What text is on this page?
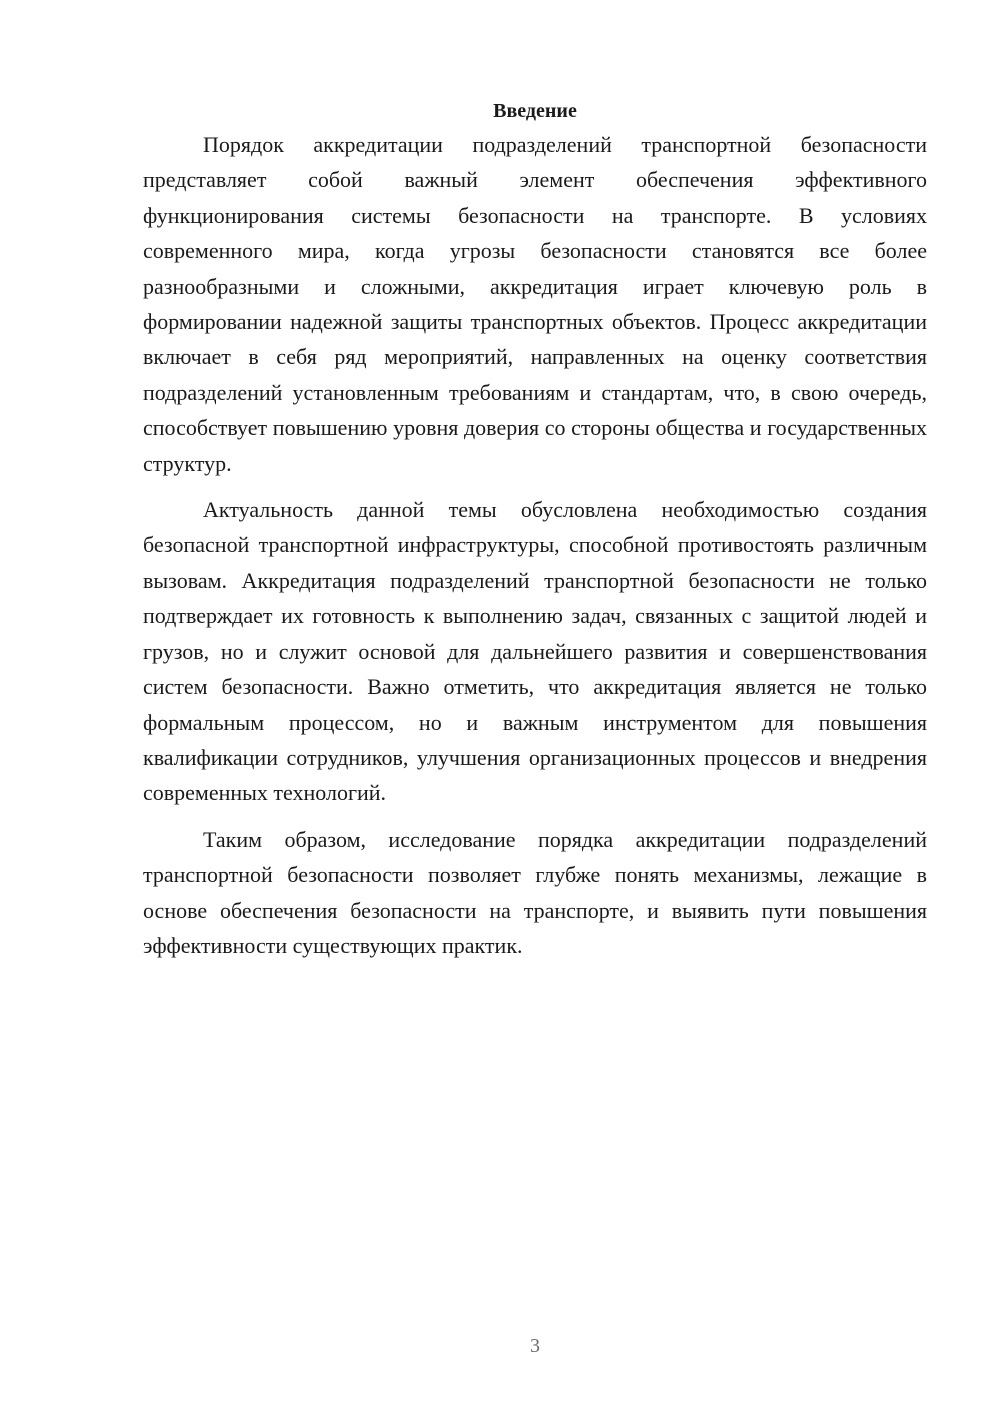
Введение

Порядок аккредитации подразделений транспортной безопасности представляет собой важный элемент обеспечения эффективного функционирования системы безопасности на транспорте. В условиях современного мира, когда угрозы безопасности становятся все более разнообразными и сложными, аккредитация играет ключевую роль в формировании надежной защиты транспортных объектов. Процесс аккредитации включает в себя ряд мероприятий, направленных на оценку соответствия подразделений установленным требованиям и стандартам, что, в свою очередь, способствует повышению уровня доверия со стороны общества и государственных структур.

Актуальность данной темы обусловлена необходимостью создания безопасной транспортной инфраструктуры, способной противостоять различным вызовам. Аккредитация подразделений транспортной безопасности не только подтверждает их готовность к выполнению задач, связанных с защитой людей и грузов, но и служит основой для дальнейшего развития и совершенствования систем безопасности. Важно отметить, что аккредитация является не только формальным процессом, но и важным инструментом для повышения квалификации сотрудников, улучшения организационных процессов и внедрения современных технологий.

Таким образом, исследование порядка аккредитации подразделений транспортной безопасности позволяет глубже понять механизмы, лежащие в основе обеспечения безопасности на транспорте, и выявить пути повышения эффективности существующих практик.

3
